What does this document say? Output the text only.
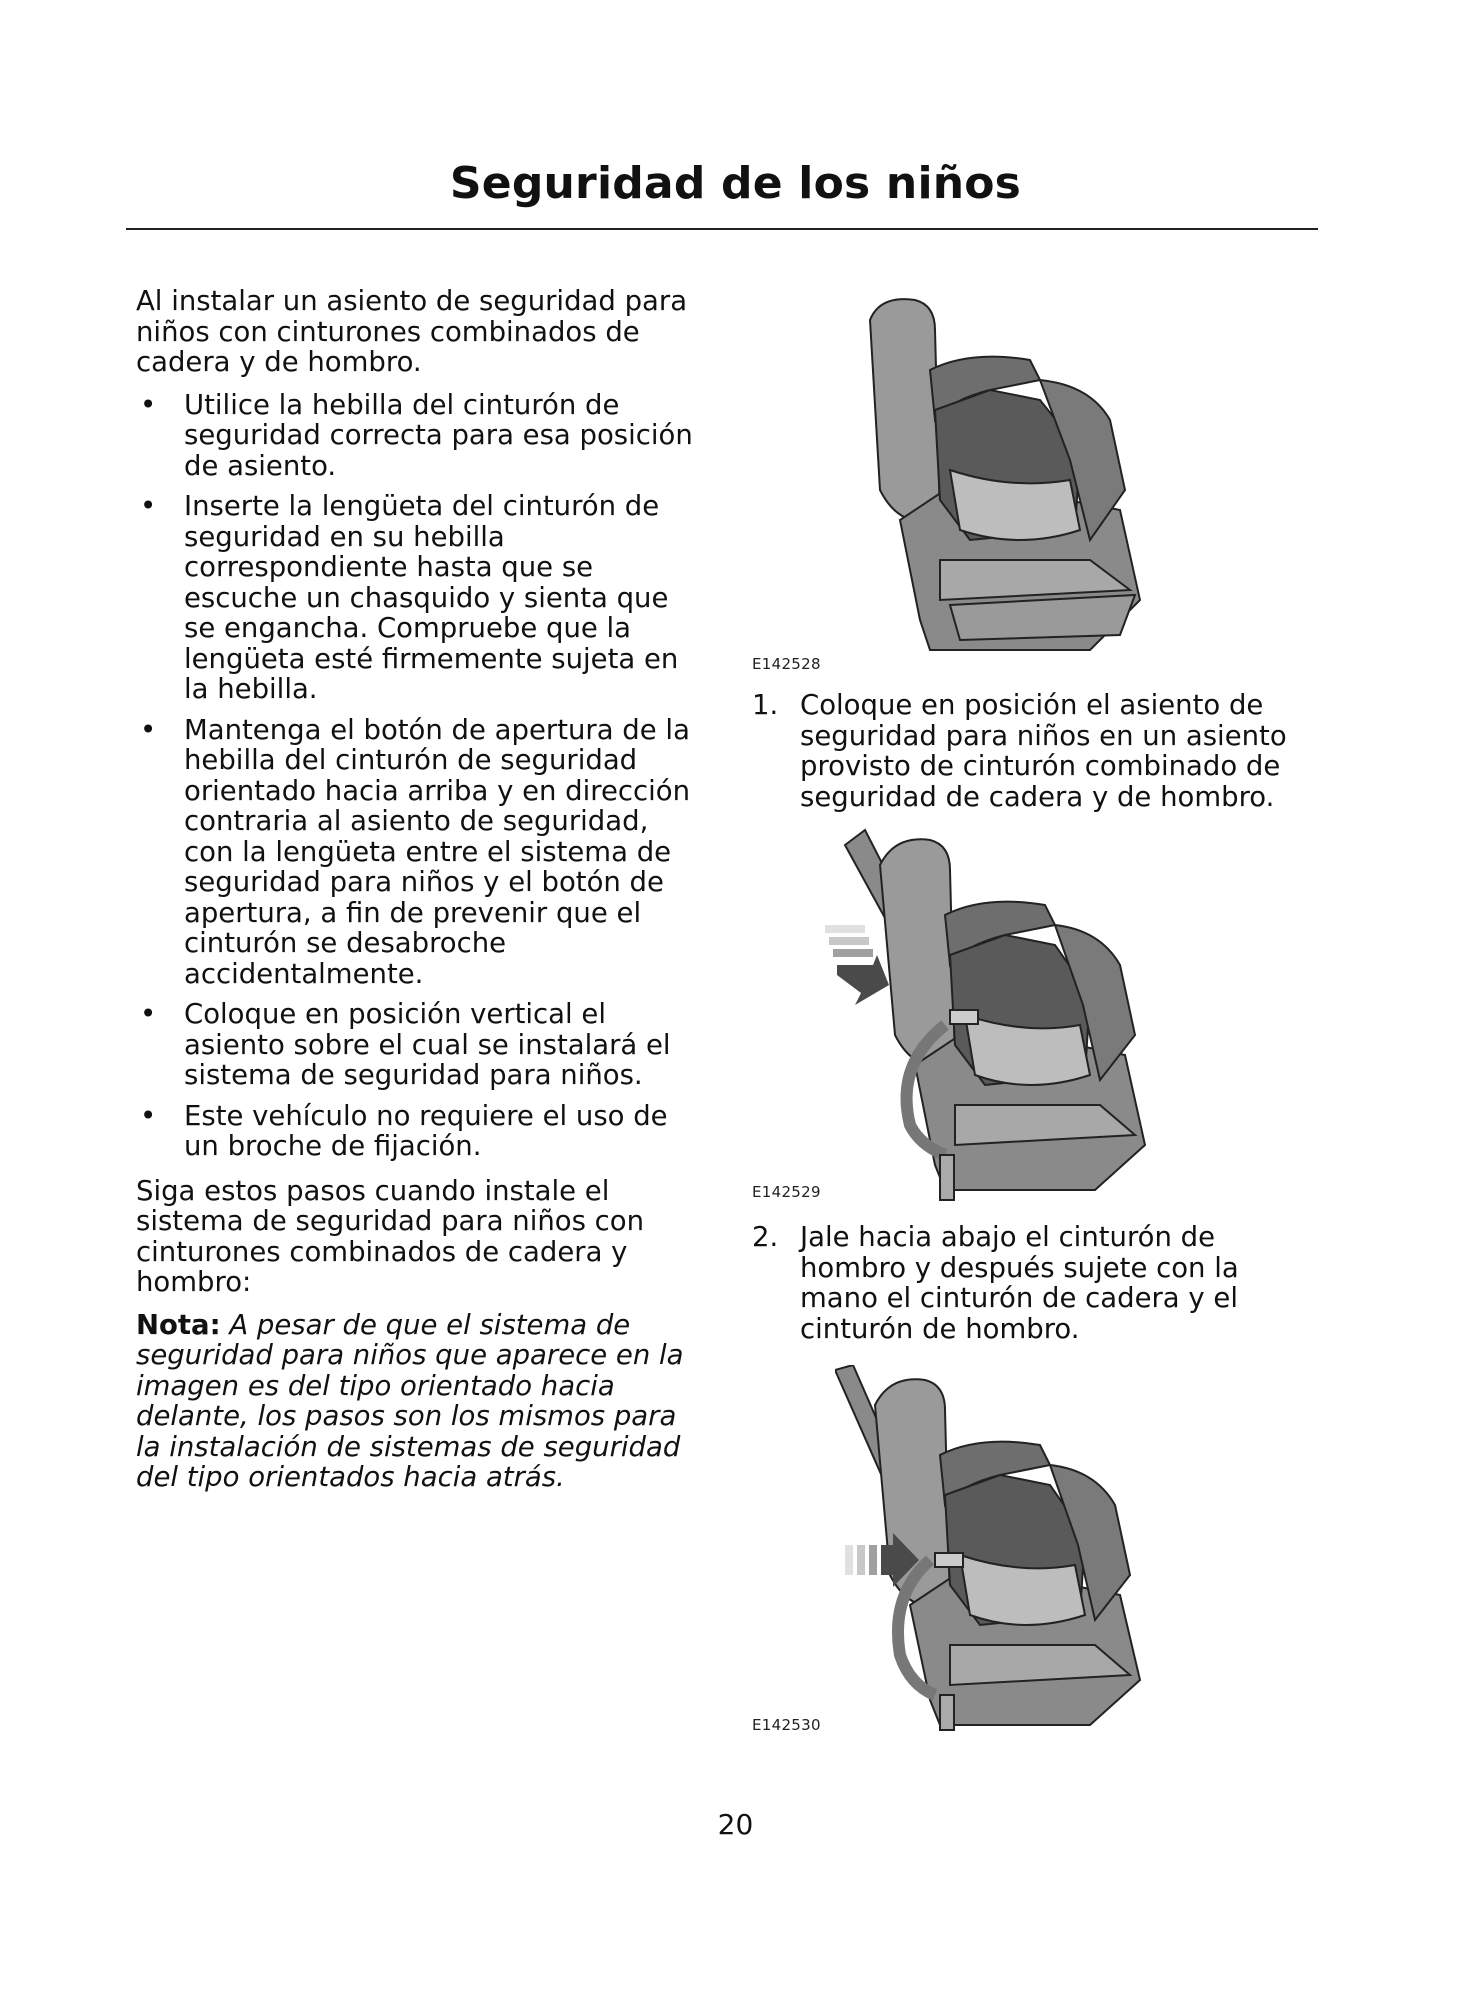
Seguridad de los niños

Al instalar un asiento de seguridad para niños con cinturones combinados de cadera y de hombro.

• Utilice la hebilla del cinturón de seguridad correcta para esa posición de asiento.
• Inserte la lengüeta del cinturón de seguridad en su hebilla correspondiente hasta que se escuche un chasquido y sienta que se engancha. Compruebe que la lengüeta esté firmemente sujeta en la hebilla.
• Mantenga el botón de apertura de la hebilla del cinturón de seguridad orientado hacia arriba y en dirección contraria al asiento de seguridad, con la lengüeta entre el sistema de seguridad para niños y el botón de apertura, a fin de prevenir que el cinturón se desabroche accidentalmente.
• Coloque en posición vertical el asiento sobre el cual se instalará el sistema de seguridad para niños.
• Este vehículo no requiere el uso de un broche de fijación.

Siga estos pasos cuando instale el sistema de seguridad para niños con cinturones combinados de cadera y hombro:

Nota: A pesar de que el sistema de seguridad para niños que aparece en la imagen es del tipo orientado hacia delante, los pasos son los mismos para la instalación de sistemas de seguridad del tipo orientados hacia atrás.

E142528
1. Coloque en posición el asiento de seguridad para niños en un asiento provisto de cinturón combinado de seguridad de cadera y de hombro.
E142529
2. Jale hacia abajo el cinturón de hombro y después sujete con la mano el cinturón de cadera y el cinturón de hombro.
E142530
20
